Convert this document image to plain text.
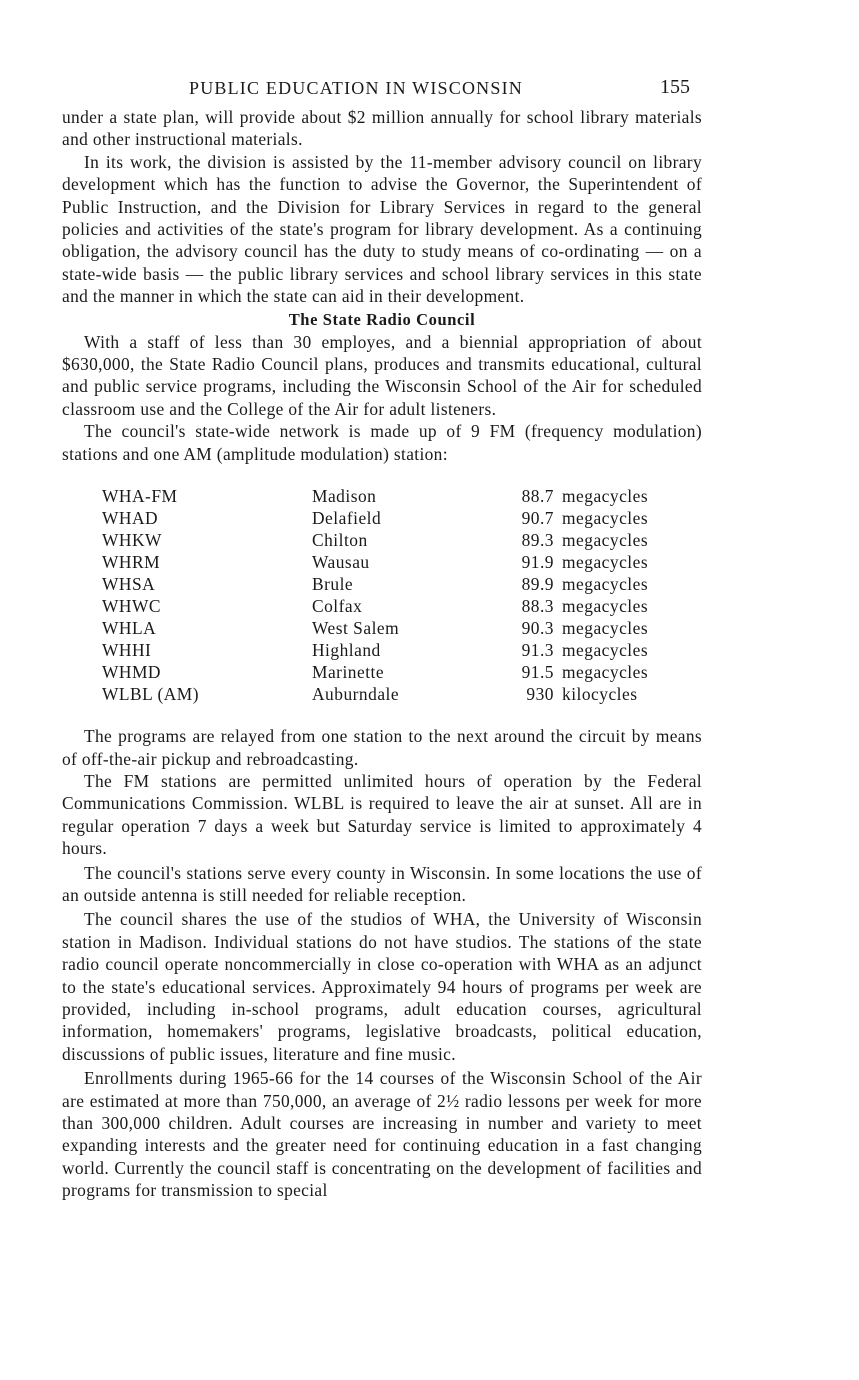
PUBLIC EDUCATION IN WISCONSIN	155

under a state plan, will provide about $2 million annually for school library materials and other instructional materials.

In its work, the division is assisted by the 11-member advisory council on library development which has the function to advise the Governor, the Superintendent of Public Instruction, and the Division for Library Services in regard to the general policies and activities of the state's program for library development. As a continuing obligation, the advisory council has the duty to study means of co-ordinating — on a state-wide basis — the public library services and school library services in this state and the manner in which the state can aid in their development.

The State Radio Council

With a staff of less than 30 employes, and a biennial appropriation of about $630,000, the State Radio Council plans, produces and transmits educational, cultural and public service programs, including the Wisconsin School of the Air for scheduled classroom use and the College of the Air for adult listeners.

The council's state-wide network is made up of 9 FM (frequency modulation) stations and one AM (amplitude modulation) station:

WHA-FM	Madison	88.7	megacycles
WHAD	Delafield	90.7	megacycles
WHKW	Chilton	89.3	megacycles
WHRM	Wausau	91.9	megacycles
WHSA	Brule	89.9	megacycles
WHWC	Colfax	88.3	megacycles
WHLA	West Salem	90.3	megacycles
WHHI	Highland	91.3	megacycles
WHMD	Marinette	91.5	megacycles
WLBL (AM)	Auburndale	930	kilocycles

The programs are relayed from one station to the next around the circuit by means of off-the-air pickup and rebroadcasting.

The FM stations are permitted unlimited hours of operation by the Federal Communications Commission. WLBL is required to leave the air at sunset. All are in regular operation 7 days a week but Saturday service is limited to approximately 4 hours.

The council's stations serve every county in Wisconsin. In some locations the use of an outside antenna is still needed for reliable reception.

The council shares the use of the studios of WHA, the University of Wisconsin station in Madison. Individual stations do not have studios. The stations of the state radio council operate noncommercially in close co-operation with WHA as an adjunct to the state's educational services. Approximately 94 hours of programs per week are provided, including in-school programs, adult education courses, agricultural information, homemakers' programs, legislative broadcasts, political education, discussions of public issues, literature and fine music.

Enrollments during 1965-66 for the 14 courses of the Wisconsin School of the Air are estimated at more than 750,000, an average of 2½ radio lessons per week for more than 300,000 children. Adult courses are increasing in number and variety to meet expanding interests and the greater need for continuing education in a fast changing world. Currently the council staff is concentrating on the development of facilities and programs for transmission to special
